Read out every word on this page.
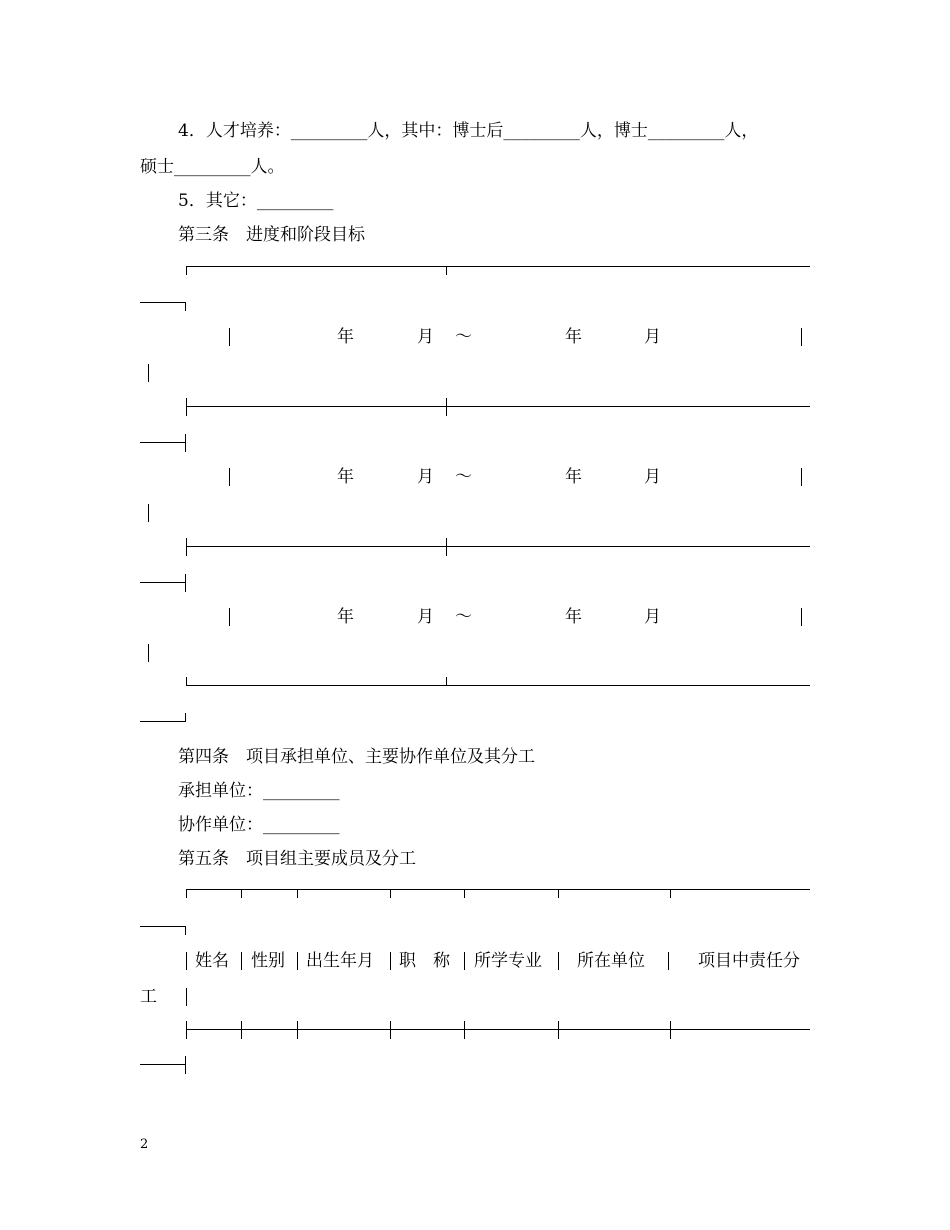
4．人才培养：_________人，其中：博士后_________人，博士_________人，
硕士_________人。
5．其它：_________
第三条　进度和阶段目标
年	月 ～	年	月
年	月 ～	年	月
年	月 ～	年	月
第四条　项目承担单位、主要协作单位及其分工
承担单位：_________
协作单位：_________
第五条　项目组主要成员及分工
姓名 性别 出生年月 职　称 所学专业 所在单位	项目中责任分
工
2
